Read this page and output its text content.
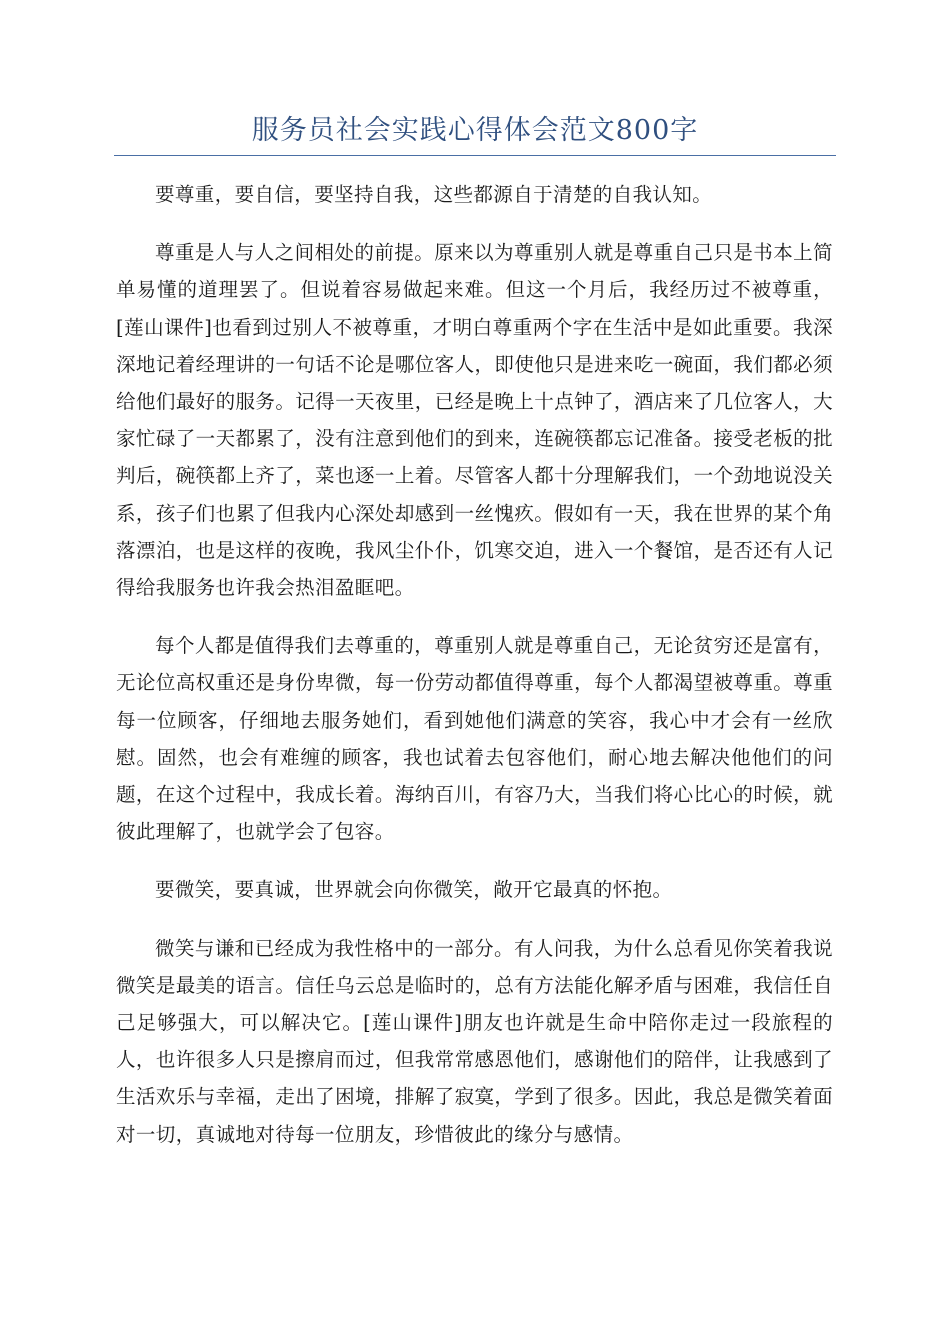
服务员社会实践心得体会范文800字

要尊重，要自信，要坚持自我，这些都源自于清楚的自我认知。

尊重是人与人之间相处的前提。原来以为尊重别人就是尊重自己只是书本上简单易懂的道理罢了。但说着容易做起来难。但这一个月后，我经历过不被尊重，[莲山课件]也看到过别人不被尊重，才明白尊重两个字在生活中是如此重要。我深深地记着经理讲的一句话不论是哪位客人，即使他只是进来吃一碗面，我们都必须给他们最好的服务。记得一天夜里，已经是晚上十点钟了，酒店来了几位客人，大家忙碌了一天都累了，没有注意到他们的到来，连碗筷都忘记准备。接受老板的批判后，碗筷都上齐了，菜也逐一上着。尽管客人都十分理解我们，一个劲地说没关系，孩子们也累了但我内心深处却感到一丝愧疚。假如有一天，我在世界的某个角落漂泊，也是这样的夜晚，我风尘仆仆，饥寒交迫，进入一个餐馆，是否还有人记得给我服务也许我会热泪盈眶吧。

每个人都是值得我们去尊重的，尊重别人就是尊重自己，无论贫穷还是富有，无论位高权重还是身份卑微，每一份劳动都值得尊重，每个人都渴望被尊重。尊重每一位顾客，仔细地去服务她们，看到她他们满意的笑容，我心中才会有一丝欣慰。固然，也会有难缠的顾客，我也试着去包容他们，耐心地去解决他他们的问题，在这个过程中，我成长着。海纳百川，有容乃大，当我们将心比心的时候，就彼此理解了，也就学会了包容。

要微笑，要真诚，世界就会向你微笑，敞开它最真的怀抱。

微笑与谦和已经成为我性格中的一部分。有人问我，为什么总看见你笑着我说微笑是最美的语言。信任乌云总是临时的，总有方法能化解矛盾与困难，我信任自己足够强大，可以解决它。[莲山课件]朋友也许就是生命中陪你走过一段旅程的人，也许很多人只是擦肩而过，但我常常感恩他们，感谢他们的陪伴，让我感到了生活欢乐与幸福，走出了困境，排解了寂寞，学到了很多。因此，我总是微笑着面对一切，真诚地对待每一位朋友，珍惜彼此的缘分与感情。
